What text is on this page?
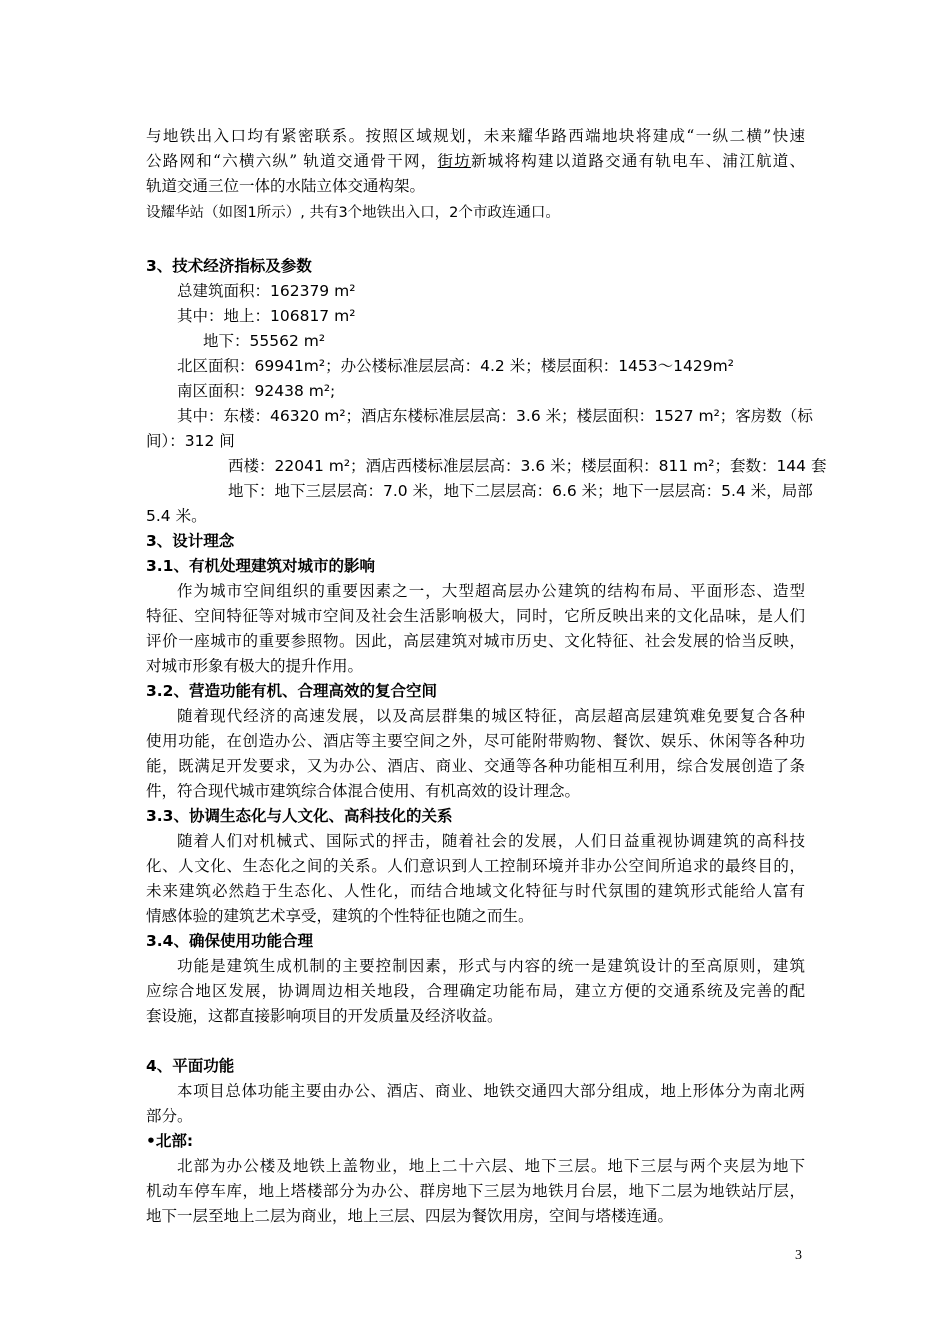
与地铁出入口均有紧密联系。按照区域规划，未来耀华路西端地块将建成“一纵二横”快速
公路网和“六横六纵” 轨道交通骨干网，街坊新城将构建以道路交通有轨电车、浦江航道、
轨道交通三位一体的水陆立体交通构架。
设耀华站（如图1所示）, 共有3个地铁出入口，2个市政连通口。
3、技术经济指标及参数
总建筑面积：162379 m²
其中：地上：106817 m²
地下：55562 m²
北区面积：69941m²；办公楼标准层层高：4.2 米；楼层面积：1453～1429m²
南区面积：92438 m²;
其中：东楼：46320 m²；酒店东楼标准层层高：3.6 米；楼层面积：1527 m²；客房数（标
间）：312 间
西楼：22041 m²；酒店西楼标准层层高：3.6 米；楼层面积：811 m²；套数：144 套
地下：地下三层层高：7.0 米，地下二层层高：6.6 米；地下一层层高：5.4 米，局部
5.4 米。
3、设计理念
3.1、有机处理建筑对城市的影响
作为城市空间组织的重要因素之一，大型超高层办公建筑的结构布局、平面形态、造型
特征、空间特征等对城市空间及社会生活影响极大，同时，它所反映出来的文化品味，是人们
评价一座城市的重要参照物。因此，高层建筑对城市历史、文化特征、社会发展的恰当反映，
对城市形象有极大的提升作用。
3.2、营造功能有机、合理高效的复合空间
随着现代经济的高速发展，以及高层群集的城区特征，高层超高层建筑难免要复合各种
使用功能，在创造办公、酒店等主要空间之外，尽可能附带购物、餐饮、娱乐、休闲等各种功
能，既满足开发要求，又为办公、酒店、商业、交通等各种功能相互利用，综合发展创造了条
件，符合现代城市建筑综合体混合使用、有机高效的设计理念。
3.3、协调生态化与人文化、高科技化的关系
随着人们对机械式、国际式的抨击，随着社会的发展，人们日益重视协调建筑的高科技
化、人文化、生态化之间的关系。人们意识到人工控制环境并非办公空间所追求的最终目的，
未来建筑必然趋于生态化、人性化，而结合地域文化特征与时代氛围的建筑形式能给人富有
情感体验的建筑艺术享受，建筑的个性特征也随之而生。
3.4、确保使用功能合理
功能是建筑生成机制的主要控制因素，形式与内容的统一是建筑设计的至高原则，建筑
应综合地区发展，协调周边相关地段，合理确定功能布局，建立方便的交通系统及完善的配
套设施，这都直接影响项目的开发质量及经济收益。
4、平面功能
本项目总体功能主要由办公、酒店、商业、地铁交通四大部分组成，地上形体分为南北两
部分。
•北部:
北部为办公楼及地铁上盖物业，地上二十六层、地下三层。地下三层与两个夹层为地下
机动车停车库，地上塔楼部分为办公、群房地下三层为地铁月台层，地下二层为地铁站厅层，
地下一层至地上二层为商业，地上三层、四层为餐饮用房，空间与塔楼连通。
3
